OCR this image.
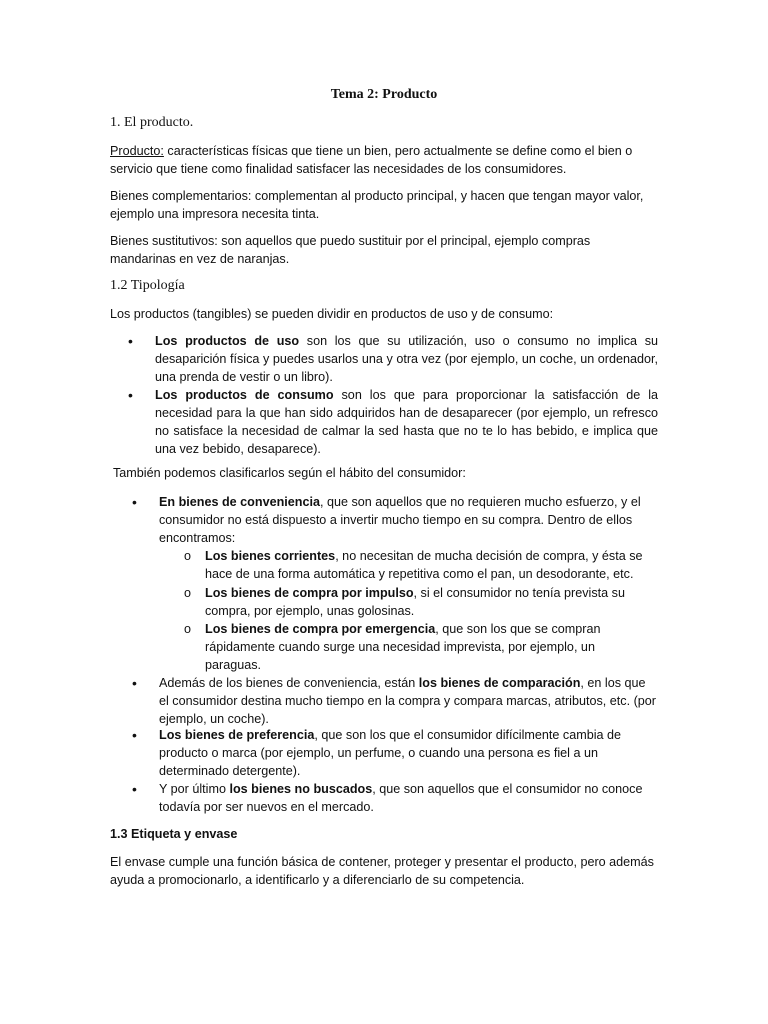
Tema 2: Producto
1. El producto.
Producto: características físicas que tiene un bien, pero actualmente se define como el bien o servicio que tiene como finalidad satisfacer las necesidades de los consumidores.
Bienes complementarios: complementan al producto principal, y hacen que tengan mayor valor, ejemplo una impresora necesita tinta.
Bienes sustitutivos: son aquellos que puedo sustituir por el principal, ejemplo compras mandarinas en vez de naranjas.
1.2 Tipología
Los productos (tangibles) se pueden dividir en productos de uso y de consumo:
• Los productos de uso son los que su utilización, uso o consumo no implica su desaparición física y puedes usarlos una y otra vez (por ejemplo, un coche, un ordenador, una prenda de vestir o un libro).
• Los productos de consumo son los que para proporcionar la satisfacción de la necesidad para la que han sido adquiridos han de desaparecer (por ejemplo, un refresco no satisface la necesidad de calmar la sed hasta que no te lo has bebido, e implica que una vez bebido, desaparece).
También podemos clasificarlos según el hábito del consumidor:
• En bienes de conveniencia, que son aquellos que no requieren mucho esfuerzo, y el consumidor no está dispuesto a invertir mucho tiempo en su compra. Dentro de ellos encontramos:
o Los bienes corrientes, no necesitan de mucha decisión de compra, y ésta se hace de una forma automática y repetitiva como el pan, un desodorante, etc.
o Los bienes de compra por impulso, si el consumidor no tenía prevista su compra, por ejemplo, unas golosinas.
o Los bienes de compra por emergencia, que son los que se compran rápidamente cuando surge una necesidad imprevista, por ejemplo, un paraguas.
• Además de los bienes de conveniencia, están los bienes de comparación, en los que el consumidor destina mucho tiempo en la compra y compara marcas, atributos, etc. (por ejemplo, un coche).
• Los bienes de preferencia, que son los que el consumidor difícilmente cambia de producto o marca (por ejemplo, un perfume, o cuando una persona es fiel a un determinado detergente).
• Y por último los bienes no buscados, que son aquellos que el consumidor no conoce todavía por ser nuevos en el mercado.
1.3 Etiqueta y envase
El envase cumple una función básica de contener, proteger y presentar el producto, pero además ayuda a promocionarlo, a identificarlo y a diferenciarlo de su competencia.
